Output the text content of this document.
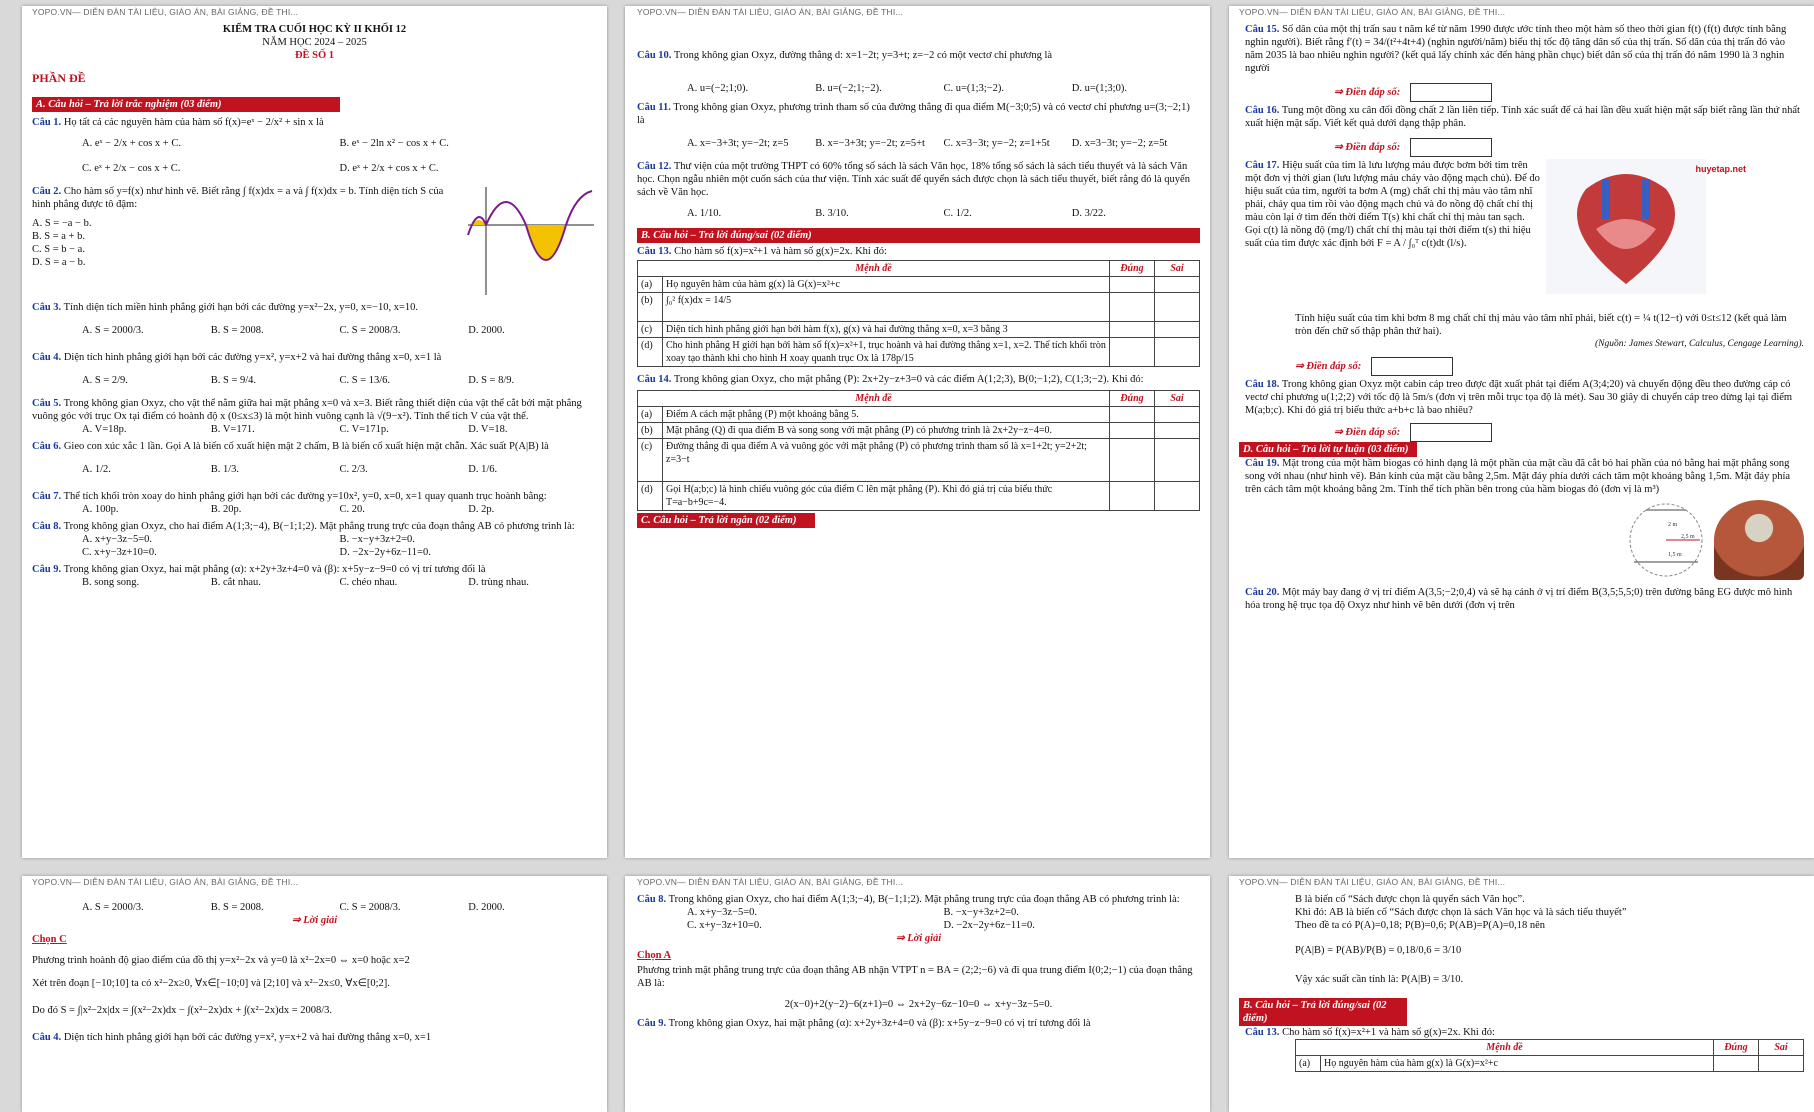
YOPO.VN— DIỄN ĐÀN TÀI LIỆU, GIÁO ÁN, BÀI GIẢNG, ĐỀ THI...
KIỂM TRA CUỐI HỌC KỲ II KHỐI 12
NĂM HỌC 2024 – 2025
ĐỀ SỐ 1
PHẦN ĐỀ
A. Câu hỏi – Trả lời trắc nghiệm (03 điểm)
Câu 1. Họ tất cả các nguyên hàm của hàm số f(x)=eˣ − 2/x² + sin x là
A. eˣ − 2/x + cos x + C.	B. eˣ − 2ln x² − cos x + C.
C. eˣ + 2/x − cos x + C.	D. eˣ + 2/x + cos x + C.
Câu 2. Cho hàm số y=f(x) như hình vẽ. Biết rằng ∫ f(x)dx = a và ∫ f(x)dx = b. Tính diện tích S của hình phẳng được tô đậm:
A. S = −a − b.
B. S = a + b.
C. S = b − a.
D. S = a − b.
Câu 3. Tính diện tích miền hình phẳng giới hạn bởi các đường y=x²−2x, y=0, x=−10, x=10.
A. S = 2000/3.	B. S = 2008.	C. S = 2008/3.	D. 2000.
Câu 4. Diện tích hình phẳng giới hạn bởi các đường y=x², y=x+2 và hai đường thẳng x=0, x=1 là
A. S = 2/9.	B. S = 9/4.	C. S = 13/6.	D. S = 8/9.
Câu 5. Trong không gian Oxyz, cho vật thể nằm giữa hai mặt phẳng x=0 và x=3. Biết rằng thiết diện của vật thể cắt bởi mặt phẳng vuông góc với trục Ox tại điểm có hoành độ x (0≤x≤3) là một hình vuông cạnh là √(9−x²). Tính thể tích V của vật thể.
A. V=18p.	B. V=171.	C. V=171p.	D. V=18.
Câu 6. Gieo con xúc xắc 1 lần. Gọi A là biến cố xuất hiện mặt 2 chấm, B là biến cố xuất hiện mặt chẵn. Xác suất P(A|B) là
A. 1/2.	B. 1/3.	C. 2/3.	D. 1/6.
Câu 7. Thể tích khối tròn xoay do hình phẳng giới hạn bởi các đường y=10x², y=0, x=0, x=1 quay quanh trục hoành bằng:
A. 100p.	B. 20p.	C. 20.	D. 2p.
Câu 8. Trong không gian Oxyz, cho hai điểm A(1;3;−4), B(−1;1;2). Mặt phẳng trung trực của đoạn thẳng AB có phương trình là:
A. x+y−3z−5=0.	B. −x−y+3z+2=0.
C. x+y−3z+10=0.	D. −2x−2y+6z−11=0.
Câu 9. Trong không gian Oxyz, hai mặt phẳng (α): x+2y+3z+4=0 và (β): x+5y−z−9=0 có vị trí tương đối là
B. song song.	B. cắt nhau.	C. chéo nhau.	D. trùng nhau.
YOPO.VN— DIỄN ĐÀN TÀI LIỆU, GIÁO ÁN, BÀI GIẢNG, ĐỀ THI...
Câu 10. Trong không gian Oxyz, đường thẳng d: x=1−2t; y=3+t; z=−2 có một vectơ chỉ phương là
A. u=(−2;1;0).	B. u=(−2;1;−2).	C. u=(1;3;−2).	D. u=(1;3;0).
Câu 11. Trong không gian Oxyz, phương trình tham số của đường thẳng đi qua điểm M(−3;0;5) và có vectơ chỉ phương u=(3;−2;1) là
A. x=−3+3t; y=−2t; z=5	B. x=−3+3t; y=−2t; z=5+t	C. x=3−3t; y=−2; z=1+5t	D. x=3−3t; y=−2; z=5t
Câu 12. Thư viện của một trường THPT có 60% tổng số sách là sách Văn học, 18% tổng số sách là sách tiểu thuyết và là sách Văn học. Chọn ngẫu nhiên một cuốn sách của thư viện. Tính xác suất để quyển sách được chọn là sách tiểu thuyết, biết rằng đó là quyển sách về Văn học.
A. 1/10.	B. 3/10.	C. 1/2.	D. 3/22.
B. Câu hỏi – Trả lời đúng/sai (02 điểm)
Câu 13. Cho hàm số f(x)=x²+1 và hàm số g(x)=2x. Khi đó:
Mệnh đề		Đúng	Sai
(a)	Họ nguyên hàm của hàm g(x) là G(x)=x²+c		
(b)	∫₀² f(x)dx = 14/5		
(c)	Diện tích hình phẳng giới hạn bởi hàm f(x), g(x) và hai đường thẳng x=0, x=3 bằng 3		
(d)	Cho hình phẳng H giới hạn bởi hàm số f(x)=x²+1, trục hoành và hai đường thẳng x=1, x=2. Thể tích khối tròn xoay tạo thành khi cho hình H xoay quanh trục Ox là 178p/15		
Câu 14. Trong không gian Oxyz, cho mặt phẳng (P): 2x+2y−z+3=0 và các điểm A(1;2;3), B(0;−1;2), C(1;3;−2). Khi đó:
Mệnh đề		Đúng	Sai
(a)	Điểm A cách mặt phẳng (P) một khoảng bằng 5.		
(b)	Mặt phẳng (Q) đi qua điểm B và song song với mặt phẳng (P) có phương trình là 2x+2y−z−4=0.		
(c)	Đường thẳng đi qua điểm A và vuông góc với mặt phẳng (P) có phương trình tham số là x=1+2t; y=2+2t; z=3−t		
(d)	Gọi H(a;b;c) là hình chiếu vuông góc của điểm C lên mặt phẳng (P). Khi đó giá trị của biểu thức T=a−b+9c=−4.		
C. Câu hỏi – Trả lời ngắn (02 điểm)
YOPO.VN— DIỄN ĐÀN TÀI LIỆU, GIÁO ÁN, BÀI GIẢNG, ĐỀ THI...
Câu 15. Số dân của một thị trấn sau t năm kể từ năm 1990 được ước tính theo một hàm số theo thời gian f(t) (f(t) được tính bằng nghìn người). Biết rằng f′(t) = 34/(t²+4t+4) (nghìn người/năm) biểu thị tốc độ tăng dân số của thị trấn. Số dân của thị trấn đó vào năm 2035 là bao nhiêu nghìn người? (kết quả lấy chính xác đến hàng phần chục) biết dân số của thị trấn đó năm 1990 là 3 nghìn người
⇒ Điền đáp số:
Câu 16. Tung một đồng xu cân đối đồng chất 2 lần liên tiếp. Tính xác suất để cả hai lần đều xuất hiện mặt sấp biết rằng lần thứ nhất xuất hiện mặt sấp. Viết kết quả dưới dạng thập phân.
⇒ Điền đáp số:
Câu 17. Hiệu suất của tim là lưu lượng máu được bơm bởi tim trên một đơn vị thời gian (lưu lượng máu chảy vào động mạch chủ). Để đo hiệu suất của tim, người ta bơm A (mg) chất chỉ thị màu vào tâm nhĩ phải, chảy qua tim rồi vào động mạch chủ và đo nồng độ chất chỉ thị màu còn lại ở tim đến thời điểm T(s) khi chất chỉ thị màu tan sạch. Gọi c(t) là nồng độ (mg/l) chất chỉ thị màu tại thời điểm t(s) thì hiệu suất của tim được xác định bởi F = A / ∫₀ᵀ c(t)dt (l/s).
huyetap.net
Tính hiệu suất của tim khi bơm 8 mg chất chỉ thị màu vào tâm nhĩ phải, biết c(t) = ¼ t(12−t) với 0≤t≤12 (kết quả làm tròn đến chữ số thập phân thứ hai).
(Nguồn: James Stewart, Calculus, Cengage Learning).
⇒ Điền đáp số:
Câu 18. Trong không gian Oxyz một cabin cáp treo được đặt xuất phát tại điểm A(3;4;20) và chuyển động đều theo đường cáp có vectơ chỉ phương u(1;2;2) với tốc độ là 5m/s (đơn vị trên mỗi trục tọa độ là mét). Sau 30 giây di chuyển cáp treo dừng lại tại điểm M(a;b;c). Khi đó giá trị biểu thức a+b+c là bao nhiêu?
⇒ Điền đáp số:
D. Câu hỏi – Trả lời tự luận (03 điểm)
Câu 19. Mặt trong của một hầm biogas có hình dạng là một phần của mặt cầu đã cắt bỏ hai phần của nó bằng hai mặt phẳng song song với nhau (như hình vẽ). Bán kính của mặt cầu bằng 2,5m. Mặt đáy phía dưới cách tâm một khoảng bằng 1,5m. Mặt đáy phía trên cách tâm một khoảng bằng 2m. Tính thể tích phần bên trong của hầm biogas đó (đơn vị là m³)
2 m
2,5 m
1,5 m
Câu 20. Một máy bay đang ở vị trí điểm A(3,5;−2;0,4) và sẽ hạ cánh ở vị trí điểm B(3,5;5,5;0) trên đường băng EG được mô hình hóa trong hệ trục tọa độ Oxyz như hình vẽ bên dưới (đơn vị trên
YOPO.VN— DIỄN ĐÀN TÀI LIỆU, GIÁO ÁN, BÀI GIẢNG, ĐỀ THI...
A. S = 2000/3.	B. S = 2008.	C. S = 2008/3.	D. 2000.
⇒ Lời giải
Chọn C
Phương trình hoành độ giao điểm của đồ thị y=x²−2x và y=0 là x²−2x=0 ⇔ x=0 hoặc x=2
Xét trên đoạn [−10;10] ta có x²−2x≥0, ∀x∈[−10;0] và [2;10] và x²−2x≤0, ∀x∈[0;2].
Do đó S = ∫|x²−2x|dx = ∫(x²−2x)dx − ∫(x²−2x)dx + ∫(x²−2x)dx = 2008/3.
Câu 4. Diện tích hình phẳng giới hạn bởi các đường y=x², y=x+2 và hai đường thẳng x=0, x=1
YOPO.VN— DIỄN ĐÀN TÀI LIỆU, GIÁO ÁN, BÀI GIẢNG, ĐỀ THI...
Câu 8. Trong không gian Oxyz, cho hai điểm A(1;3;−4), B(−1;1;2). Mặt phẳng trung trực của đoạn thẳng AB có phương trình là:
A. x+y−3z−5=0.	B. −x−y+3z+2=0.
C. x+y−3z+10=0.	D. −2x−2y+6z−11=0.
⇒ Lời giải
Chọn A
Phương trình mặt phẳng trung trực của đoạn thẳng AB nhận VTPT n = BA = (2;2;−6) và đi qua trung điểm I(0;2;−1) của đoạn thẳng AB là:
2(x−0)+2(y−2)−6(z+1)=0 ⇔ 2x+2y−6z−10=0 ⇔ x+y−3z−5=0.
Câu 9. Trong không gian Oxyz, hai mặt phẳng (α): x+2y+3z+4=0 và (β): x+5y−z−9=0 có vị trí tương đối là
YOPO.VN— DIỄN ĐÀN TÀI LIỆU, GIÁO ÁN, BÀI GIẢNG, ĐỀ THI...
B là biến cố “Sách được chọn là quyển sách Văn học”.
Khi đó: AB là biến cố “Sách được chọn là sách Văn học và là sách tiểu thuyết”
Theo đề ta có P(A)=0,18; P(B)=0,6; P(AB)=P(A)=0,18 nên
P(A|B) = P(AB)/P(B) = 0,18/0,6 = 3/10
Vậy xác suất cần tính là: P(A|B) = 3/10.
B. Câu hỏi – Trả lời đúng/sai (02 điểm)
Câu 13. Cho hàm số f(x)=x²+1 và hàm số g(x)=2x. Khi đó:
Mệnh đề		Đúng	Sai
(a)	Họ nguyên hàm của hàm g(x) là G(x)=x²+c		
